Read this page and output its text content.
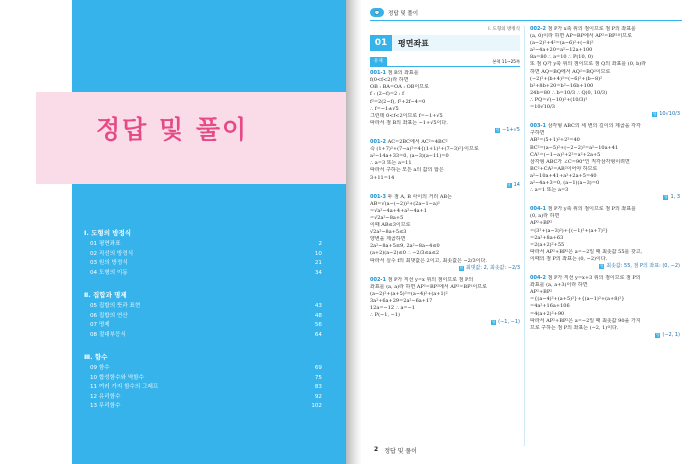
정답 및 풀이
Ⅰ. 도형의 방정식
01 평면좌표	2
02 직선의 방정식	10
03 원의 방정식	21
04 도형의 이동	34
Ⅱ. 집합과 명제
05 집합의 뜻과 표현	43
06 집합의 연산	48
07 명제	56
08 절대부등식	64
Ⅲ. 함수
09 함수	69
10 합성함수와 역함수	75
11 여러 가지 함수의 그래프	83
12 유리함수	92
13 무리함수	102
💬	정답 및 풀이
Ⅰ. 도형의 방정식
01	평면좌표
유제	본책 11~25쪽
001-1 점 B의 좌표를
f(0<f<2)라 하면
OB : BA=OA : OB이므로
f : (2−f)=2 : f
f²=2(2−f), f²+2f−4=0
∴ f=−1±√5
그런데 0<f<2이므로 f=−1+√5
따라서 점 B의 좌표는 −1+√5이다.
답 −1+√5
001-2 AC=2BC에서 AC²=4BC²
즉 (1+7)²+(7−a)²=4{(1+1)²+(7−3)²}이므로
a²−14a+33=0, (a−3)(a−11)=0
∴ a=3 또는 a=11
따라서 구하는 모든 a의 값의 합은
3+11=14
답 14
001-3 두 점 A, B 사이의 거리 AB는
AB=√(a−(−2))²+(2a−1−a)²
=√a²−4a+4+a²−4a+1
=√2a²−8a+5
이때 AB≤3이므로
√2a²−8a+5≤3
양변을 제곱하면
2a²−8a+5≤9, 2a²−8a−4≤0
(a+2)(a−2)≤0 ∴ −2/3≤a≤2
따라서 실수 f의 최댓값은 2이고, 최솟값은 −2/3이다.
답 최댓값: 2, 최솟값: −2/3
002-1 점 P가 직선 y=x 위의 점이므로 점 P의
좌표를 (a, a)라 하면 AP²=BP²에서 AP²=BP²이므로
(a−2)²+(a+5)²=(a−4)²+(a+1)²
3a²+6a+29=2a²−6a+17
12a=−12 ∴ a=−1
∴ P(−1, −1)
답 (−1, −1)
002-2 점 P가 x축 위의 점이므로 점 P의 좌표를
(a, 0)이라 하면 AP=BP에서 AP²=BP²이므로
(a−2)²+4²=(a−6)²+(−8)²
a²−4a+20=a²−12a+100
8a=80 ∴ a=10 ∴ P(10, 0)
또 점 Q가 y축 위의 점이므로 점 Q의 좌표를 (0, b)라
하면 AQ=BQ에서 AQ²=BQ²이므로
(−2)²+(b+4)²=(−6)²+(b−8)²
b²+8b+20=b²−16b+100
24b=80 ∴ b=10/3 ∴ Q(0, 10/3)
∴ PQ=√(−10)²+(10/3)²
=10√10/3
답 10√10/3
003-1 삼각형 ABC의 세 변의 길이의 제곱을 각각
구하면
AB²=(5+1)²+2²=40
BC²=(a−5)²+(−2−2)²=a²−10a+41
CA²=(−1−a)²+2²=a²+2a+5
삼각형 ABC가 ∠C=90°인 직각삼각형이려면
BC²+CA²=AB²이어야 하므로
a²−10a+41+a²+2a+5=40
a²−4a+3=0, (a−1)(a−3)=0
∴ a=1 또는 a=3
답 1, 3
004-1 점 P가 y축 위의 점이므로 점 P의 좌표를
(0, a)라 하면
AP²+BP²
=(3²+(a−3)²)+{(−1)²+(a+7)²}
=2a²+8a+63
=2(a+2)²+55
따라서 AP²+BP²은 a=−2일 때 최솟값 55를 갖고,
이때의 점 P의 좌표는 (0, −2)이다.
답 최솟값: 55, 점 P의 좌표: (0, −2)
004-2 점 P가 직선 y=x+3 위의 점이므로 점 P의
좌표를 (a, a+3)이라 하면
AP²+BP²
={(a−4)²+(a+5)²}+{(a−1)²+(a+8)²}
=4a²+16a+106
=4(a+2)²+90
따라서 AP²+BP²은 a=−2일 때 최솟값 90을 가지
므로 구하는 점 P의 좌표는 (−2, 1)이다.
답 (−2, 1)
2 정답 및 풀이
